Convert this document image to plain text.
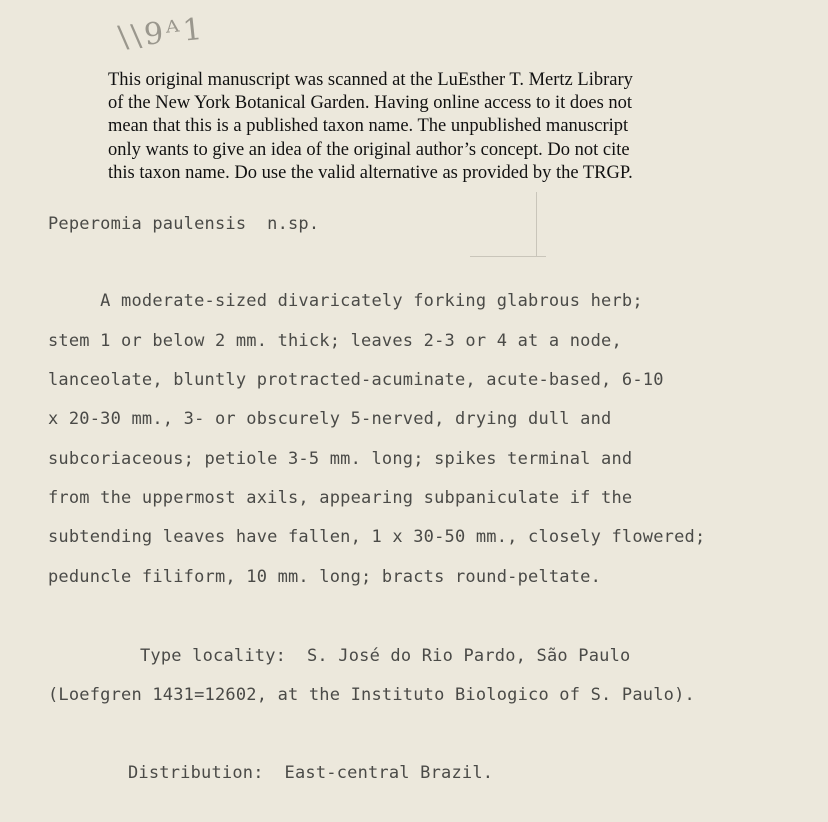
\\9ᴬ1
This original manuscript was scanned at the LuEsther T. Mertz Library
of the New York Botanical Garden. Having online access to it does not
mean that this is a published taxon name. The unpublished manuscript
only wants to give an idea of the original author’s concept. Do not cite
this taxon name. Do use the valid alternative as provided by the TRGP.
Peperomia paulensis  n.sp.
A moderate-sized divaricately forking glabrous herb;
stem 1 or below 2 mm. thick; leaves 2-3 or 4 at a node,
lanceolate, bluntly protracted-acuminate, acute-based, 6-10
x 20-30 mm., 3- or obscurely 5-nerved, drying dull and
subcoriaceous; petiole 3-5 mm. long; spikes terminal and
from the uppermost axils, appearing subpaniculate if the
subtending leaves have fallen, 1 x 30-50 mm., closely flowered;
peduncle filiform, 10 mm. long; bracts round-peltate.
Type locality:  S. José do Rio Pardo, São Paulo
(Loefgren 1431=12602, at the Instituto Biologico of S. Paulo).
Distribution:  East-central Brazil.
